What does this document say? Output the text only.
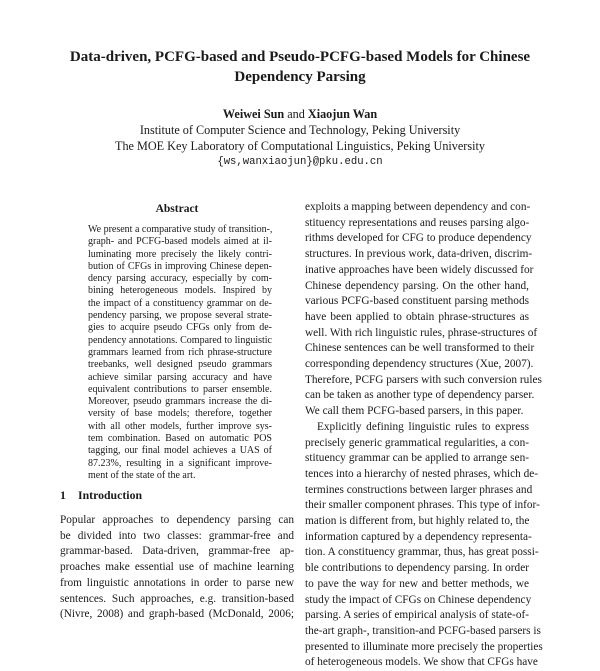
Data-driven, PCFG-based and Pseudo-PCFG-based Models for Chinese
Dependency Parsing
Weiwei Sun and Xiaojun Wan
Institute of Computer Science and Technology, Peking University
The MOE Key Laboratory of Computational Linguistics, Peking University
{ws,wanxiaojun}@pku.edu.cn
Abstract
We present a comparative study of transition-,
graph- and PCFG-based models aimed at il-
luminating more precisely the likely contri-
bution of CFGs in improving Chinese depen-
dency parsing accuracy, especially by com-
bining heterogeneous models. Inspired by
the impact of a constituency grammar on de-
pendency parsing, we propose several strate-
gies to acquire pseudo CFGs only from de-
pendency annotations. Compared to linguistic
grammars learned from rich phrase-structure
treebanks, well designed pseudo grammars
achieve similar parsing accuracy and have
equivalent contributions to parser ensemble.
Moreover, pseudo grammars increase the di-
versity of base models; therefore, together
with all other models, further improve sys-
tem combination. Based on automatic POS
tagging, our final model achieves a UAS of
87.23%, resulting in a significant improve-
ment of the state of the art.
1 Introduction
Popular approaches to dependency parsing can
be divided into two classes: grammar-free and
grammar-based. Data-driven, grammar-free ap-
proaches make essential use of machine learning
from linguistic annotations in order to parse new
sentences. Such approaches, e.g. transition-based
(Nivre, 2008) and graph-based (McDonald, 2006;
exploits a mapping between dependency and con-
stituency representations and reuses parsing algo-
rithms developed for CFG to produce dependency
structures. In previous work, data-driven, discrim-
inative approaches have been widely discussed for
Chinese dependency parsing. On the other hand,
various PCFG-based constituent parsing methods
have been applied to obtain phrase-structures as
well. With rich linguistic rules, phrase-structures of
Chinese sentences can be well transformed to their
corresponding dependency structures (Xue, 2007).
Therefore, PCFG parsers with such conversion rules
can be taken as another type of dependency parser.
We call them PCFG-based parsers, in this paper.
Explicitly defining linguistic rules to express
precisely generic grammatical regularities, a con-
stituency grammar can be applied to arrange sen-
tences into a hierarchy of nested phrases, which de-
termines constructions between larger phrases and
their smaller component phrases. This type of infor-
mation is different from, but highly related to, the
information captured by a dependency representa-
tion. A constituency grammar, thus, has great possi-
ble contributions to dependency parsing. In order
to pave the way for new and better methods, we
study the impact of CFGs on Chinese dependency
parsing. A series of empirical analysis of state-of-
the-art graph-, transition-and PCFG-based parsers is
presented to illuminate more precisely the properties
of heterogeneous models. We show that CFGs have
